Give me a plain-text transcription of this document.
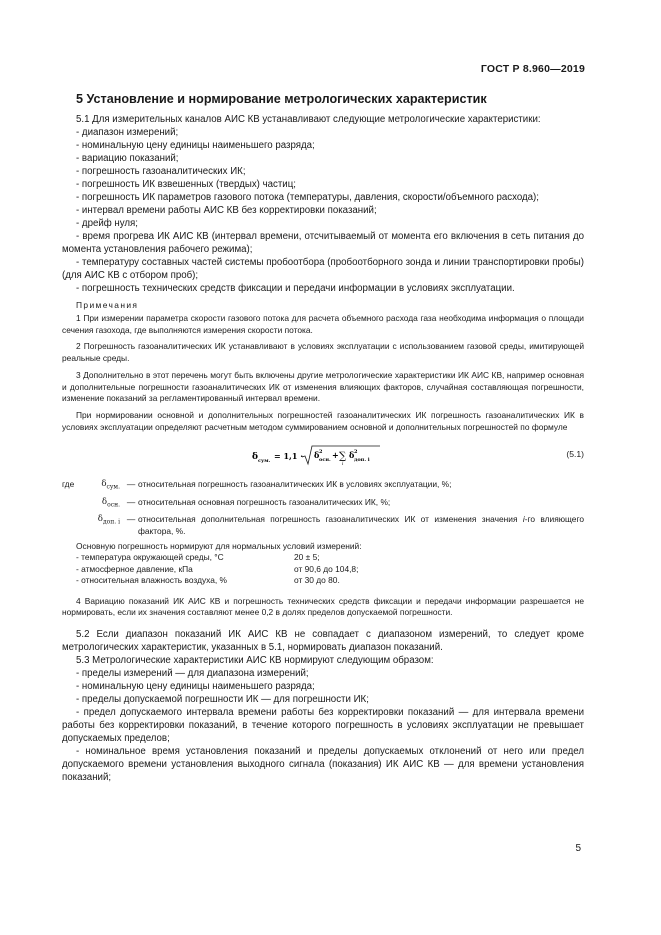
ГОСТ Р 8.960—2019
5 Установление и нормирование метрологических характеристик

5.1 Для измерительных каналов АИС КВ устанавливают следующие метрологические характеристики:

- диапазон измерений;

- номинальную цену единицы наименьшего разряда;

- вариацию показаний;

- погрешность газоаналитических ИК;

- погрешность ИК взвешенных (твердых) частиц;

- погрешность ИК параметров газового потока (температуры, давления, скорости/объемного расхода);

- интервал времени работы АИС КВ без корректировки показаний;

- дрейф нуля;

- время прогрева ИК АИС КВ (интервал времени, отсчитываемый от момента его включения в сеть питания до момента установления рабочего режима);

- температуру составных частей системы пробоотбора (пробоотборного зонда и линии транспортировки пробы) (для АИС КВ с отбором проб);

- погрешность технических средств фиксации и передачи информации в условиях эксплуатации.

Примечания

1 При измерении параметра скорости газового потока для расчета объемного расхода газа необходима информация о площади сечения газохода, где выполняются измерения скорости потока.

2 Погрешность газоаналитических ИК устанавливают в условиях эксплуатации с использованием газовой среды, имитирующей реальные среды.

3 Дополнительно в этот перечень могут быть включены другие метрологические характеристики ИК АИС КВ, например основная и дополнительные погрешности газоаналитических ИК от изменения влияющих факторов, случайная составляющая погрешности, изменение показаний за регламентированный интервал времени.

При нормировании основной и дополнительных погрешностей газоаналитических ИК погрешность газоаналитических ИК в условиях эксплуатации определяют расчетным методом суммированием основной и дополнительных погрешностей по формуле

δ сум. = 1,1 · δ 2
осн. + ∑
i
δ 2
доп. i
(5.1)
где	$\delta_{сум.}$ — относительная погрешность газоаналитических ИК в условиях эксплуатации, %;
$\delta_{осн.}$ — относительная основная погрешность газоаналитических ИК, %;
$\delta_{доп. i}$ — относительная дополнительная погрешность газоаналитических ИК от изменения значения i-го влияющего фактора, %.

Основную погрешность нормируют для нормальных условий измерений:

- температура окружающей среды, °С	20 ± 5;
- атмосферное давление, кПа	от 90,6 до 104,8;
- относительная влажность воздуха, %	от 30 до 80.

4 Вариацию показаний ИК АИС КВ и погрешность технических средств фиксации и передачи информации разрешается не нормировать, если их значения составляют менее 0,2 в долях пределов допускаемой погрешности.

5.2 Если диапазон показаний ИК АИС КВ не совпадает с диапазоном измерений, то следует кроме метрологических характеристик, указанных в 5.1, нормировать диапазон показаний.

5.3 Метрологические характеристики АИС КВ нормируют следующим образом:

- пределы измерений — для диапазона измерений;

- номинальную цену единицы наименьшего разряда;

- пределы допускаемой погрешности ИК — для погрешности ИК;

- предел допускаемого интервала времени работы без корректировки показаний — для интервала времени работы без корректировки показаний, в течение которого погрешность в условиях эксплуатации не превышает допускаемых пределов;

- номинальное время установления показаний и пределы допускаемых отклонений от него или предел допускаемого времени установления выходного сигнала (показания) ИК АИС КВ — для времени установления показаний;

5
